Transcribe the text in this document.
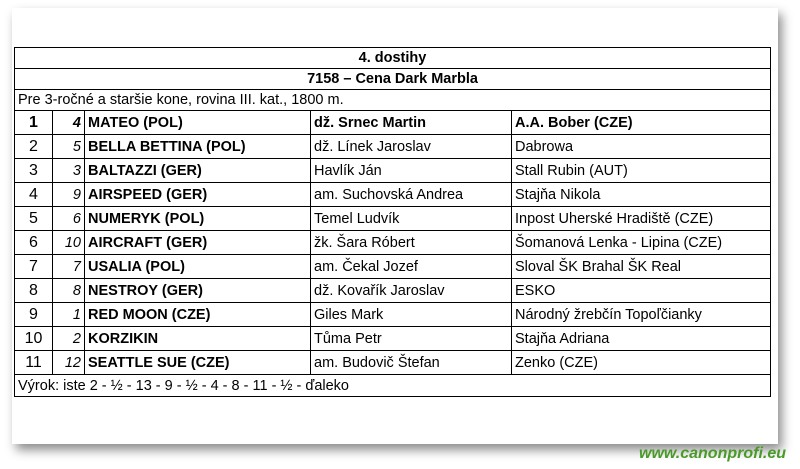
4. dostihy				
7158 – Cena Dark Marbla				
Pre 3-ročné a staršie kone, rovina III. kat., 1800 m.				
1	4	MATEO (POL)	dž. Srnec Martin	A.A. Bober (CZE)
2	5	BELLA BETTINA (POL)	dž. Línek Jaroslav	Dabrowa
3	3	BALTAZZI (GER)	Havlík Ján	Stall Rubin (AUT)
4	9	AIRSPEED (GER)	am. Suchovská Andrea	Stajňa Nikola
5	6	NUMERYK (POL)	Temel Ludvík	Inpost Uherské Hradiště (CZE)
6	10	AIRCRAFT (GER)	žk. Šara Róbert	Šomanová Lenka - Lipina (CZE)
7	7	USALIA (POL)	am. Čekal Jozef	Sloval ŠK Brahal ŠK Real
8	8	NESTROY (GER)	dž. Kovařík Jaroslav	ESKO
9	1	RED MOON (CZE)	Giles Mark	Národný žrebčín Topoľčianky
10	2	KORZIKIN	Tůma Petr	Stajňa Adriana
11	12	SEATTLE SUE (CZE)	am. Budovič Štefan	Zenko (CZE)
Výrok: iste 2 - ½ - 13 - 9 - ½ - 4 - 8 - 11 - ½ - ďaleko				
www.canonprofi.eu
